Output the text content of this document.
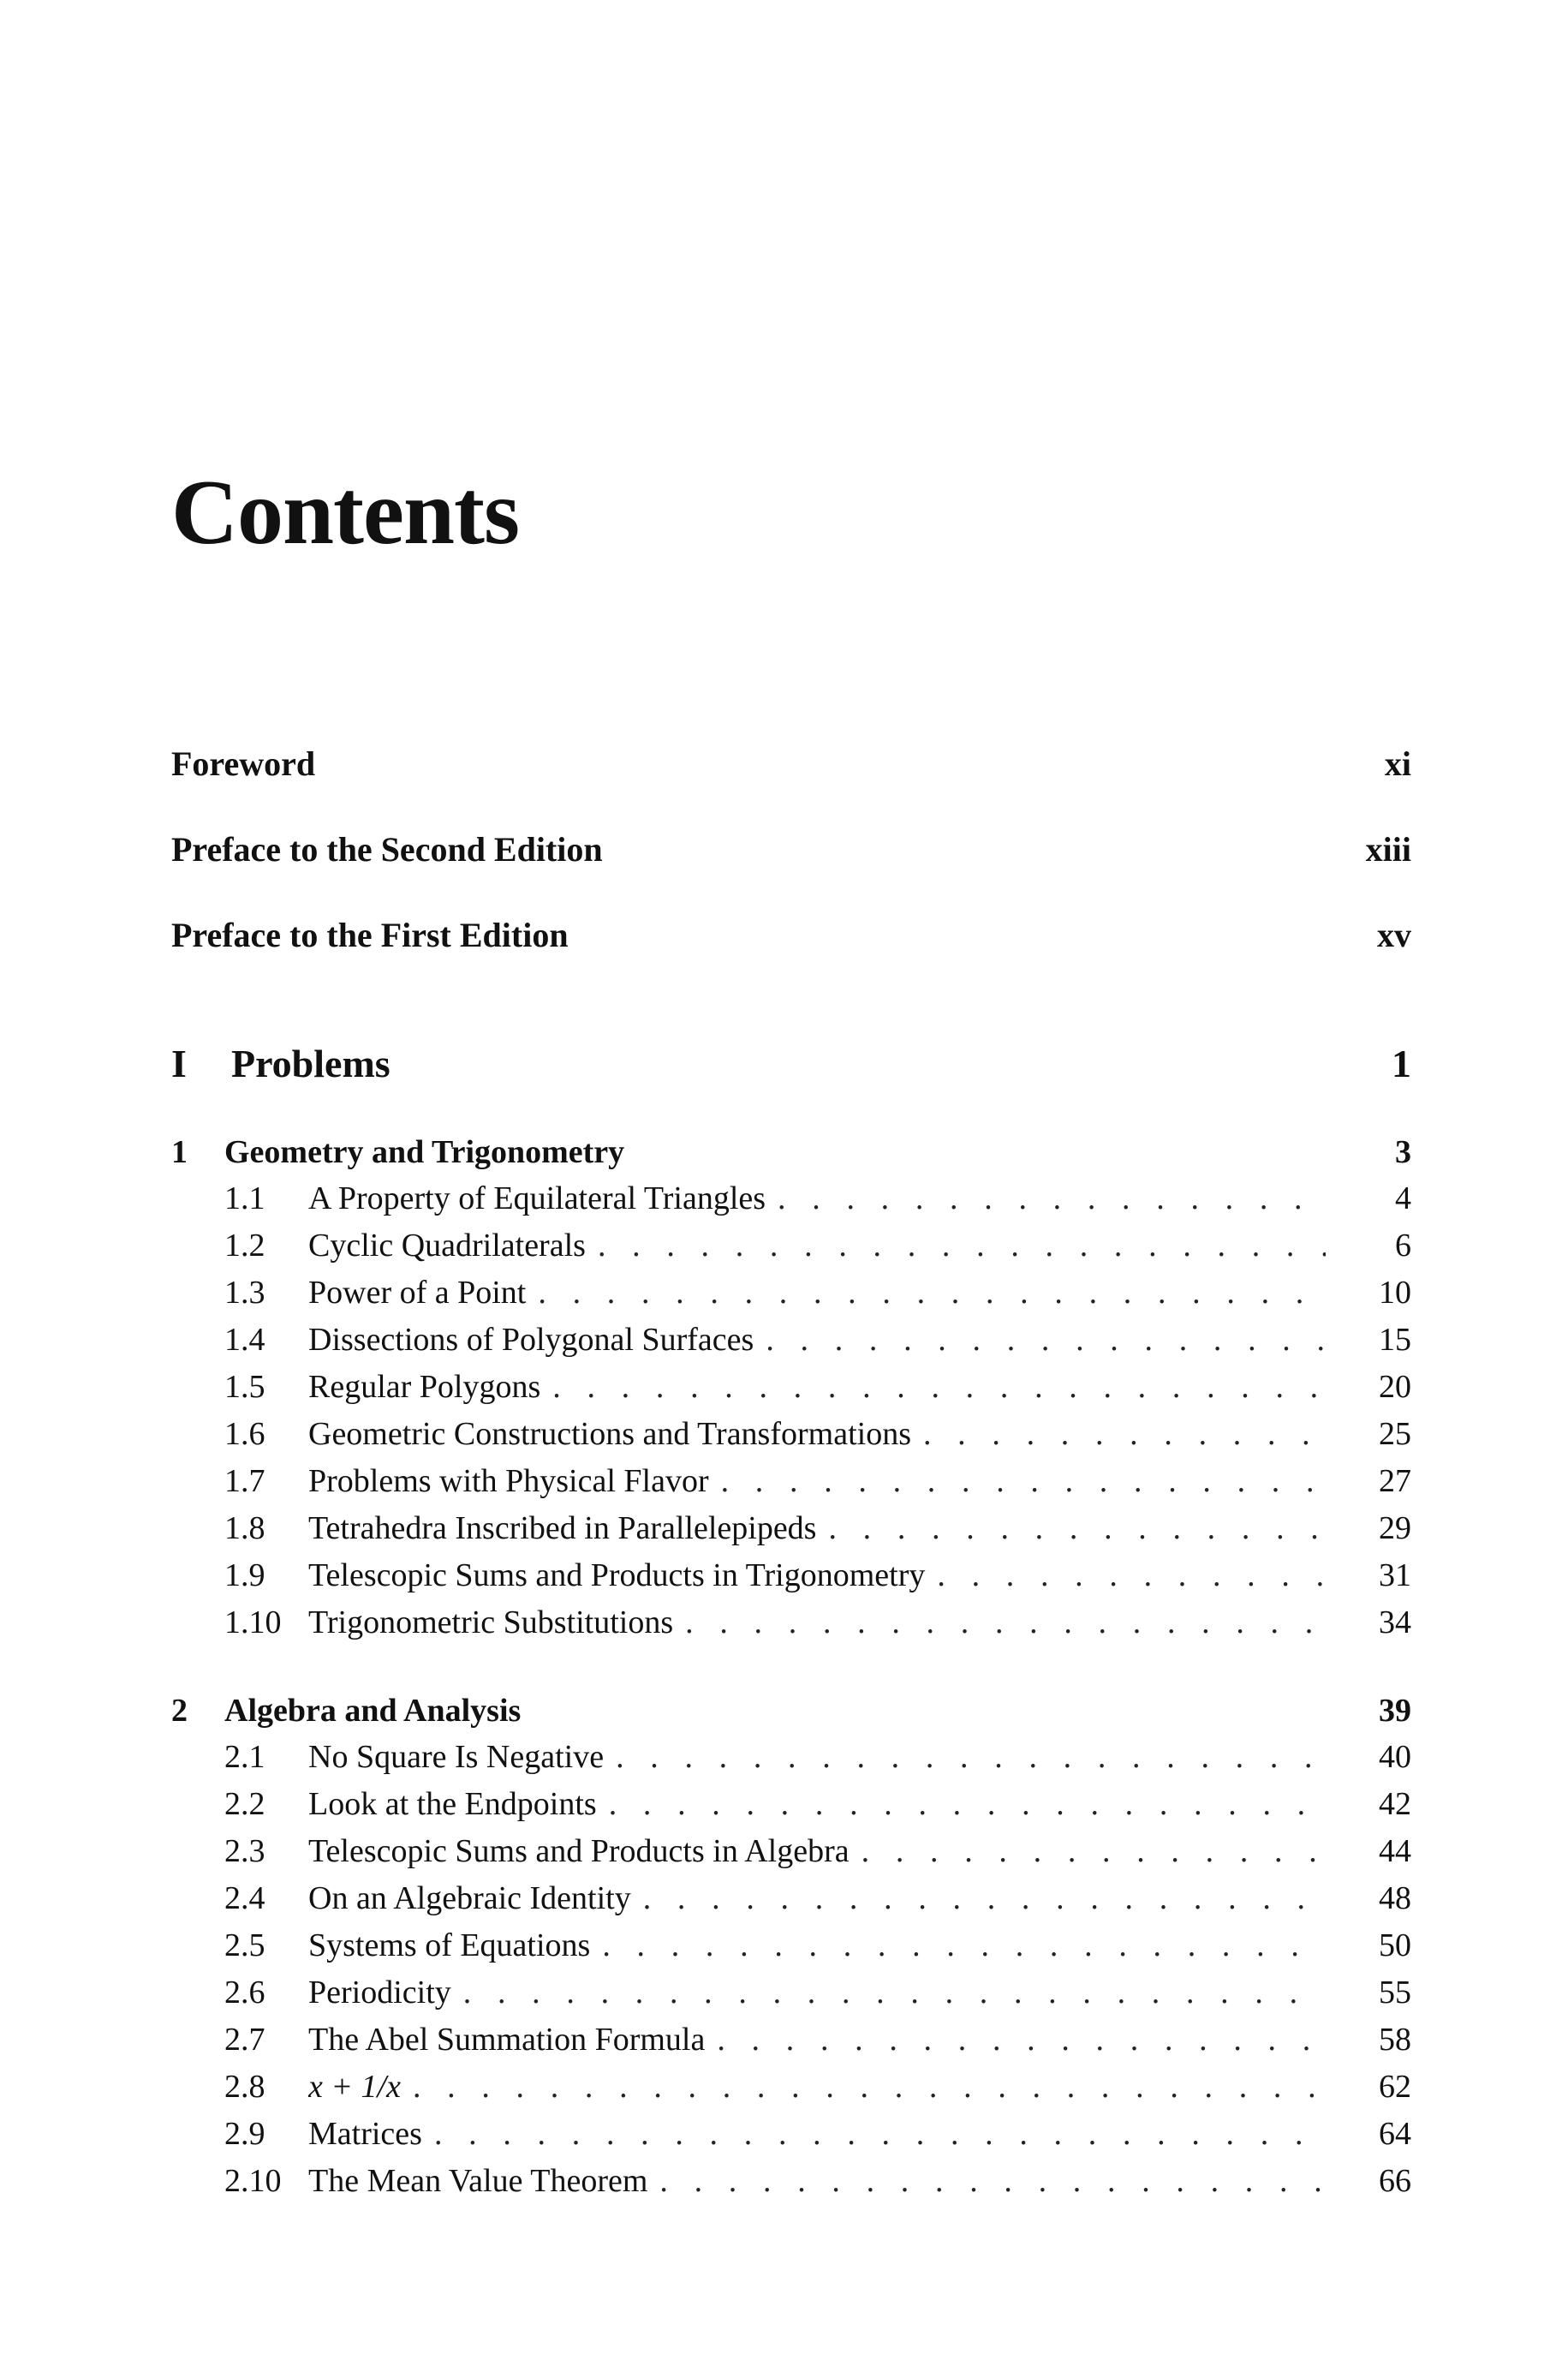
Contents
Foreword	xi
Preface to the Second Edition	xiii
Preface to the First Edition	xv
I Problems	1
1 Geometry and Trigonometry	3
1.1 A Property of Equilateral Triangles . . .	4
1.2 Cyclic Quadrilaterals . . .	6
1.3 Power of a Point . . .	10
1.4 Dissections of Polygonal Surfaces . . .	15
1.5 Regular Polygons . . .	20
1.6 Geometric Constructions and Transformations . . .	25
1.7 Problems with Physical Flavor . . .	27
1.8 Tetrahedra Inscribed in Parallelepipeds . . .	29
1.9 Telescopic Sums and Products in Trigonometry . . .	31
1.10 Trigonometric Substitutions . . .	34
2 Algebra and Analysis	39
2.1 No Square Is Negative . . .	40
2.2 Look at the Endpoints . . .	42
2.3 Telescopic Sums and Products in Algebra . . .	44
2.4 On an Algebraic Identity . . .	48
2.5 Systems of Equations . . .	50
2.6 Periodicity . . .	55
2.7 The Abel Summation Formula . . .	58
2.8 x + 1/x . . .	62
2.9 Matrices . . .	64
2.10 The Mean Value Theorem . . .	66
